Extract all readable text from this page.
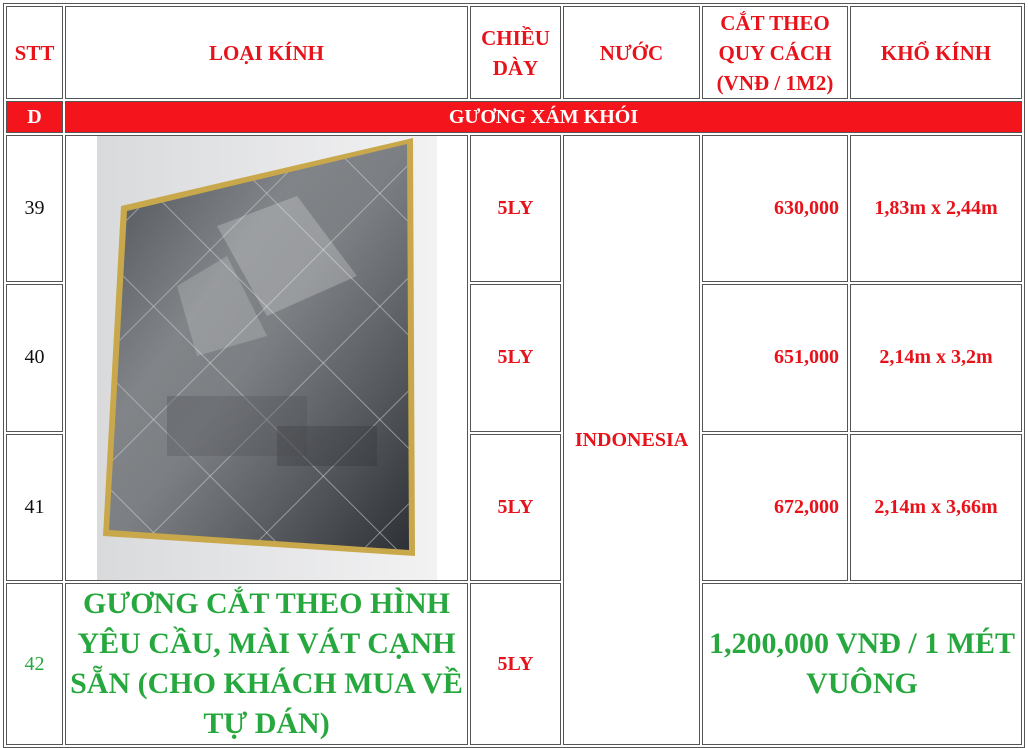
STT	LOẠI KÍNH	CHIỀU DÀY	NƯỚC	CẮT THEO QUY CÁCH (VNĐ / 1M2)	KHỔ KÍNH
D	GƯƠNG XÁM KHÓI				
39		5LY	INDONESIA	630,000	1,83m x 2,44m
40		5LY		651,000	2,14m x 3,2m
41		5LY		672,000	2,14m x 3,66m
42	GƯƠNG CẮT THEO HÌNH YÊU CẦU, MÀI VÁT CẠNH SẴN (CHO KHÁCH MUA VỀ TỰ DÁN)	5LY		1,200,000 VNĐ / 1 MÉT VUÔNG	
